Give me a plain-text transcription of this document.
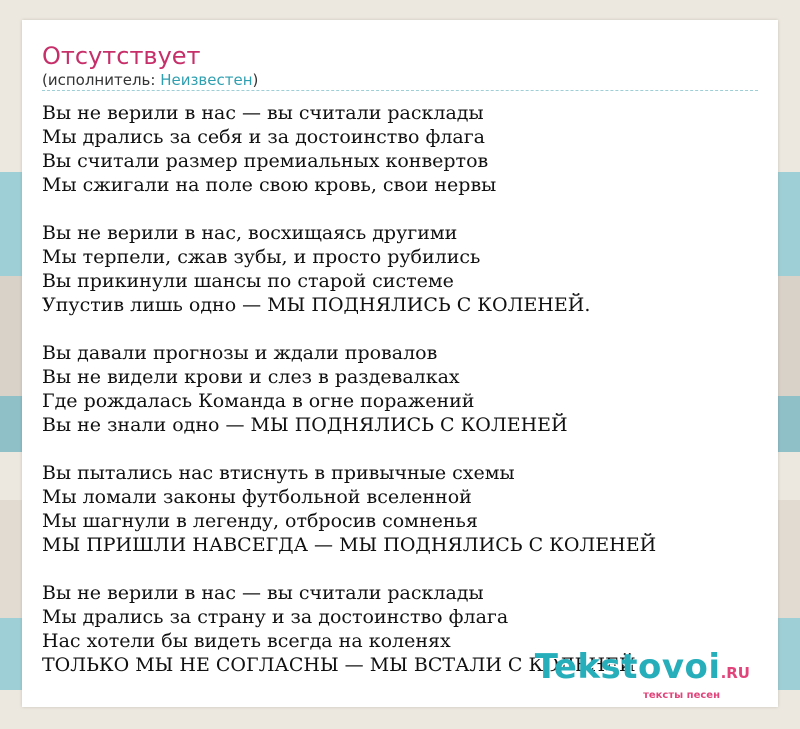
Отсутствует
(исполнитель: Неизвестен)
Вы не верили в нас — вы считали расклады
Мы дрались за себя и за достоинство флага
Вы считали размер премиальных конвертов
Мы сжигали на поле свою кровь, свои нервы
Вы не верили в нас, восхищаясь другими
Мы терпели, сжав зубы, и просто рубились
Вы прикинули шансы по старой системе
Упустив лишь одно — МЫ ПОДНЯЛИСЬ С КОЛЕНЕЙ.
Вы давали прогнозы и ждали провалов
Вы не видели крови и слез в раздевалках
Где рождалась Команда в огне поражений
Вы не знали одно — МЫ ПОДНЯЛИСЬ С КОЛЕНЕЙ
Вы пытались нас втиснуть в привычные схемы
Мы ломали законы футбольной вселенной
Мы шагнули в легенду, отбросив сомненья
МЫ ПРИШЛИ НАВСЕГДА — МЫ ПОДНЯЛИСЬ С КОЛЕНЕЙ
Вы не верили в нас — вы считали расклады
Мы дрались за страну и за достоинство флага
Нас хотели бы видеть всегда на коленях
ТОЛЬКО МЫ НЕ СОГЛАСНЫ — МЫ ВСТАЛИ С КОЛЕНЕЙ
Tekstovoi.RU
тексты песен
